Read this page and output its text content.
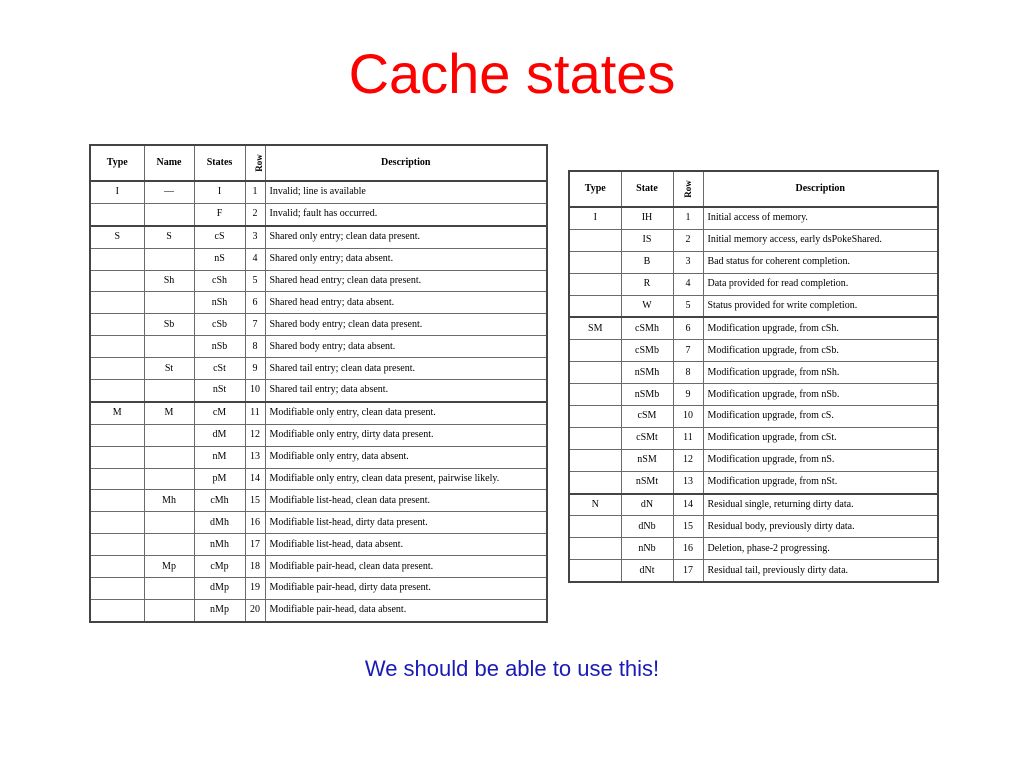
Cache states
Type	Name	States	Row	Description
I	—	I	1	Invalid; line is available
		F	2	Invalid; fault has occurred.
S	S	cS	3	Shared only entry; clean data present.
		nS	4	Shared only entry; data absent.
	Sh	cSh	5	Shared head entry; clean data present.
		nSh	6	Shared head entry; data absent.
	Sb	cSb	7	Shared body entry; clean data present.
		nSb	8	Shared body entry; data absent.
	St	cSt	9	Shared tail entry; clean data present.
		nSt	10	Shared tail entry; data absent.
M	M	cM	11	Modifiable only entry, clean data present.
		dM	12	Modifiable only entry, dirty data present.
		nM	13	Modifiable only entry, data absent.
		pM	14	Modifiable only entry, clean data present, pairwise likely.
	Mh	cMh	15	Modifiable list-head, clean data present.
		dMh	16	Modifiable list-head, dirty data present.
		nMh	17	Modifiable list-head, data absent.
	Mp	cMp	18	Modifiable pair-head, clean data present.
		dMp	19	Modifiable pair-head, dirty data present.
		nMp	20	Modifiable pair-head, data absent.
Type	State	Row	Description
I	IH	1	Initial access of memory.
	IS	2	Initial memory access, early dsPokeShared.
	B	3	Bad status for coherent completion.
	R	4	Data provided for read completion.
	W	5	Status provided for write completion.
SM	cSMh	6	Modification upgrade, from cSh.
	cSMb	7	Modification upgrade, from cSb.
	nSMh	8	Modification upgrade, from nSh.
	nSMb	9	Modification upgrade, from nSb.
	cSM	10	Modification upgrade, from cS.
	cSMt	11	Modification upgrade, from cSt.
	nSM	12	Modification upgrade, from nS.
	nSMt	13	Modification upgrade, from nSt.
N	dN	14	Residual single, returning dirty data.
	dNb	15	Residual body, previously dirty data.
	nNb	16	Deletion, phase-2 progressing.
	dNt	17	Residual tail, previously dirty data.
We should be able to use this!
